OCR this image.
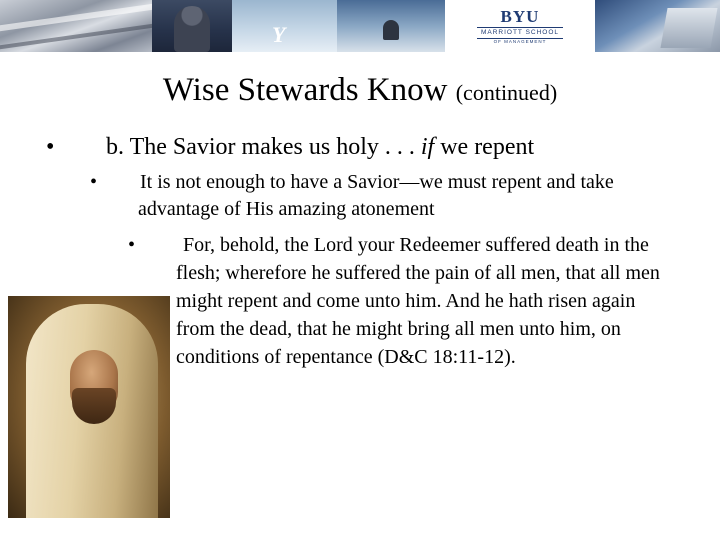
Y
BYU
MARRIOTT SCHOOL
OF MANAGEMENT
Wise Stewards Know (continued)
• b. The Savior makes us holy . . . if we repent
• It is not enough to have a Savior—we must repent and take advantage of His amazing atonement
• For, behold, the Lord your Redeemer suffered death in the flesh; wherefore he suffered the pain of all men, that all men might repent and come unto him. And he hath risen again from the dead, that he might bring all men unto him, on conditions of repentance (D&C 18:11-12).
